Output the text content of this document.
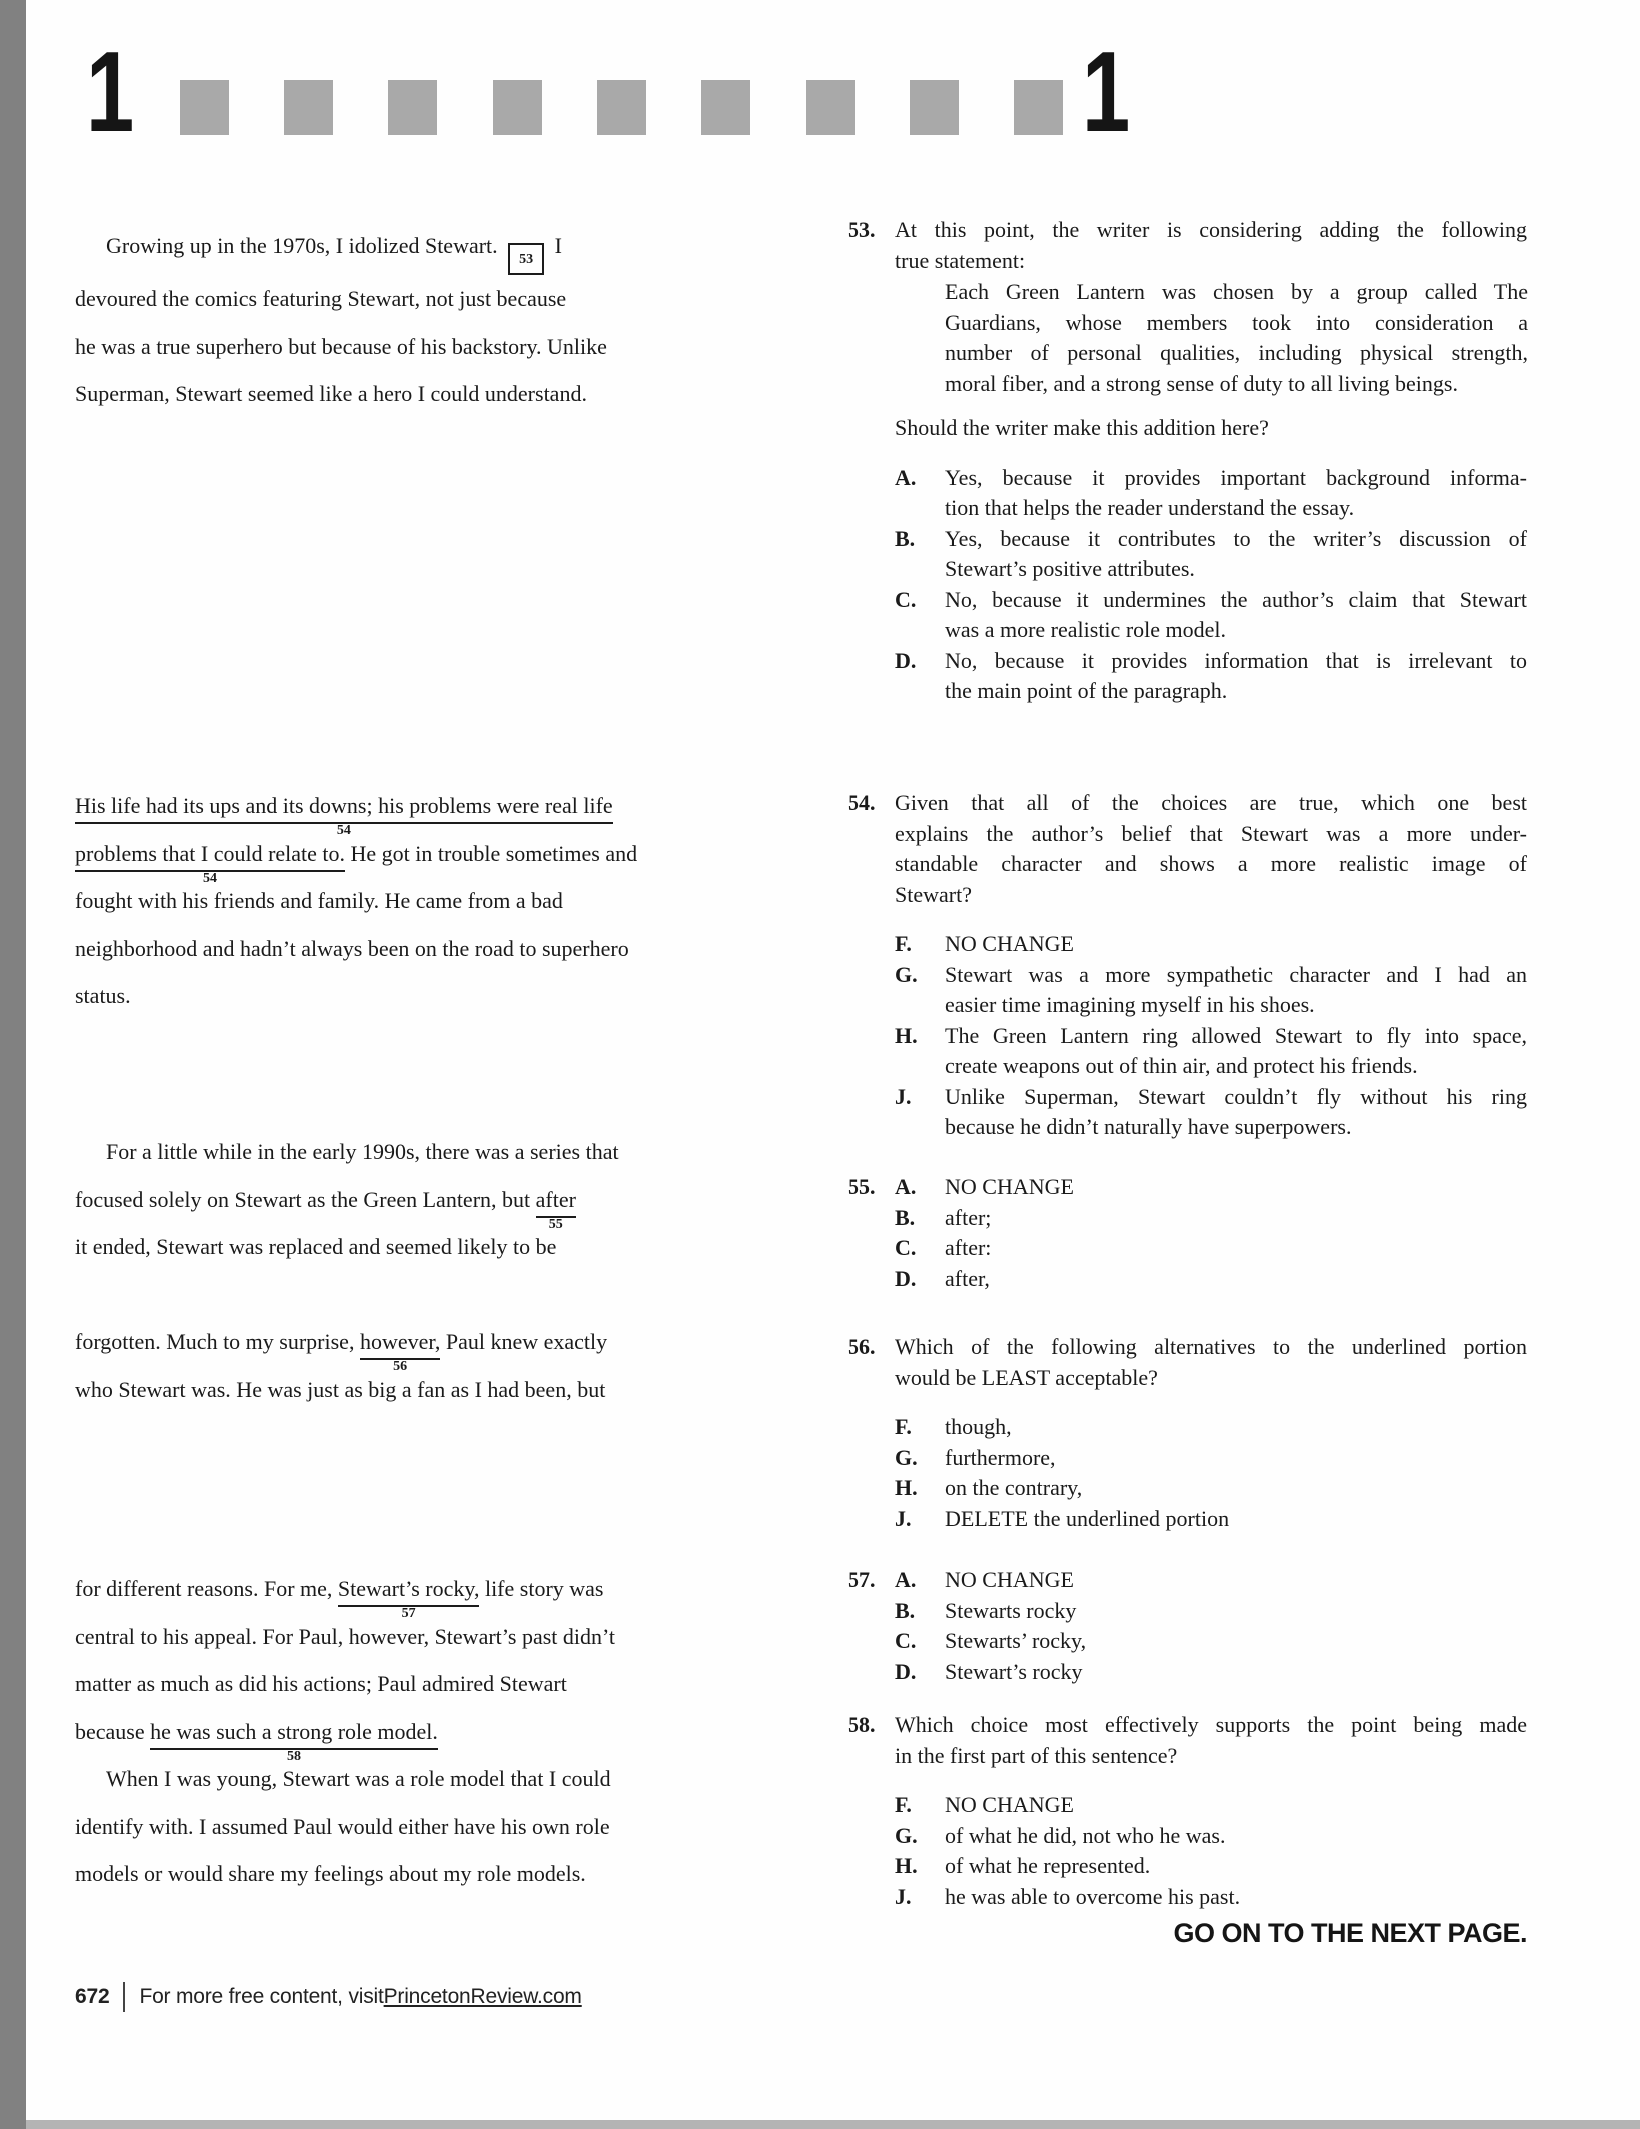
1	1
Growing up in the 1970s, I idolized Stewart. 53 I
devoured the comics featuring Stewart, not just because
he was a true superhero but because of his backstory. Unlike
Superman, Stewart seemed like a hero I could understand.
His life had its ups and its downs; his problems were real life
54
problems that I could relate to.
54
He got in trouble sometimes and
fought with his friends and family. He came from a bad
neighborhood and hadn’t always been on the road to superhero
status.
For a little while in the early 1990s, there was a series that
focused solely on Stewart as the Green Lantern, but after
55
it ended, Stewart was replaced and seemed likely to be
forgotten. Much to my surprise, however,
56
Paul knew exactly
who Stewart was. He was just as big a fan as I had been, but
for different reasons. For me, Stewart’s rocky,
57
life story was
central to his appeal. For Paul, however, Stewart’s past didn’t
matter as much as did his actions; Paul admired Stewart
because he was such a strong role model.
58
When I was young, Stewart was a role model that I could
identify with. I assumed Paul would either have his own role
models or would share my feelings about my role models.
53. At this point, the writer is considering adding the following
true statement:
Each Green Lantern was chosen by a group called The
Guardians, whose members took into consideration a
number of personal qualities, including physical strength,
moral fiber, and a strong sense of duty to all living beings.
Should the writer make this addition here?
A.	Yes, because it provides important background informa-
tion that helps the reader understand the essay.
B.	Yes, because it contributes to the writer’s discussion of
Stewart’s positive attributes.
C.	No, because it undermines the author’s claim that Stewart
was a more realistic role model.
D.	No, because it provides information that is irrelevant to
the main point of the paragraph.
54. Given that all of the choices are true, which one best
explains the author’s belief that Stewart was a more under-
standable character and shows a more realistic image of
Stewart?
F.	NO CHANGE
G.	Stewart was a more sympathetic character and I had an
easier time imagining myself in his shoes.
H.	The Green Lantern ring allowed Stewart to fly into space,
create weapons out of thin air, and protect his friends.
J.	Unlike Superman, Stewart couldn’t fly without his ring
because he didn’t naturally have superpowers.
55. A.	NO CHANGE
B.	after;
C.	after:
D.	after,
56. Which of the following alternatives to the underlined portion
would be LEAST acceptable?
F.	though,
G.	furthermore,
H.	on the contrary,
J.	DELETE the underlined portion
57. A.	NO CHANGE
B.	Stewarts rocky
C.	Stewarts’ rocky,
D.	Stewart’s rocky
58. Which choice most effectively supports the point being made
in the first part of this sentence?
F.	NO CHANGE
G.	of what he did, not who he was.
H.	of what he represented.
J.	he was able to overcome his past.
GO ON TO THE NEXT PAGE.
672 For more free content, visit PrincetonReview.com
